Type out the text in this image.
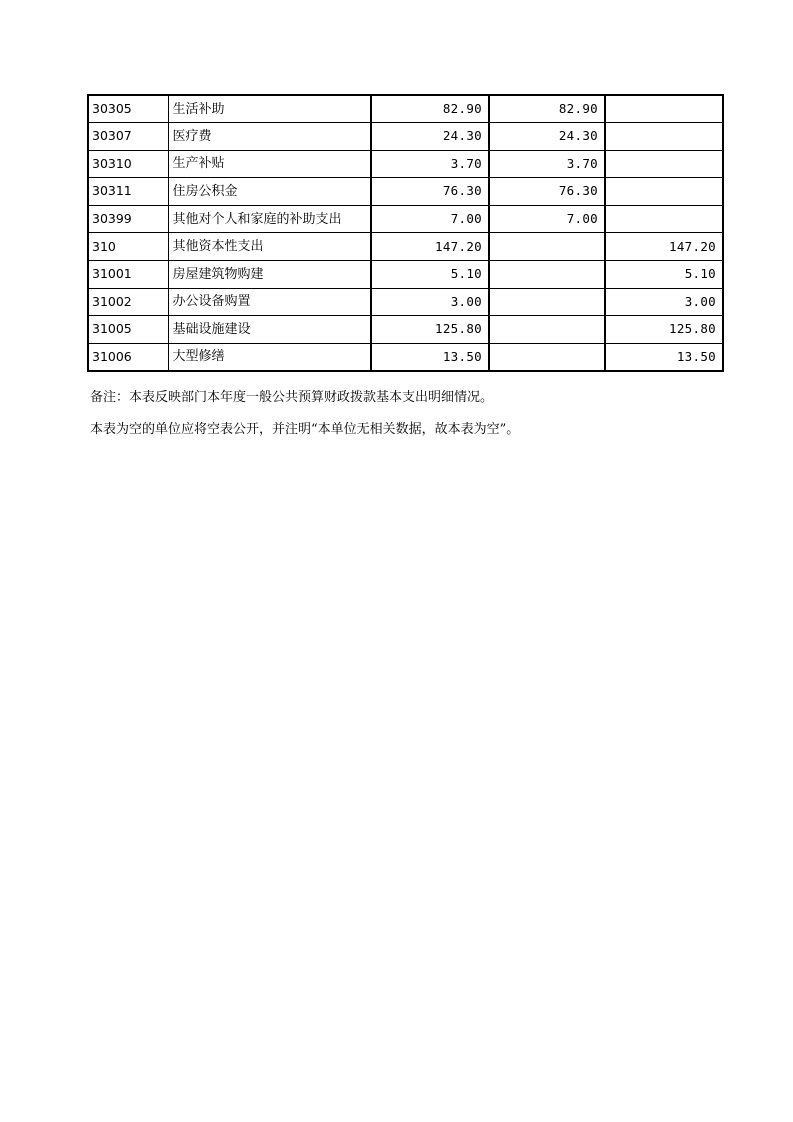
30305	生活补助	82.90	82.90	
30307	医疗费	24.30	24.30	
30310	生产补贴	3.70	3.70	
30311	住房公积金	76.30	76.30	
30399	其他对个人和家庭的补助支出	7.00	7.00	
310	其他资本性支出	147.20		147.20
31001	房屋建筑物购建	5.10		5.10
31002	办公设备购置	3.00		3.00
31005	基础设施建设	125.80		125.80
31006	大型修缮	13.50		13.50
备注：本表反映部门本年度一般公共预算财政拨款基本支出明细情况。
本表为空的单位应将空表公开，并注明“本单位无相关数据，故本表为空”。
